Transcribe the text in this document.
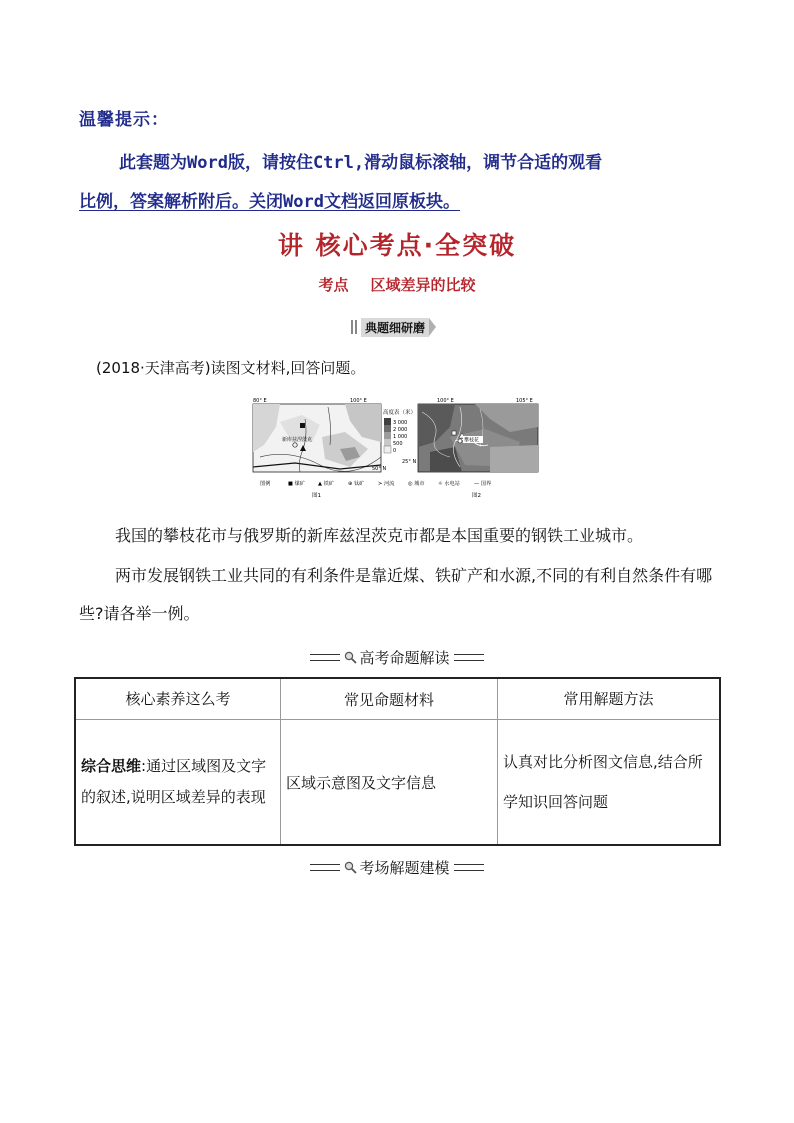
温馨提示：
此套题为Word版，请按住Ctrl,滑动鼠标滚轴，调节合适的观看
比例，答案解析附后。关闭Word文档返回原板块。
讲 核心考点·全突破
考点 区域差异的比较
典题细研磨
(2018·天津高考)读图文材料,回答问题。
80° E	100° E
新库兹涅茨克
50° N
高度表（米）
3 000
2 000
1 000
500
0
100° E	105° E
25° N
攀枝花
图1	图2
图例	■ 煤矿	▲ 铁矿	⊕ 钛矿	≻ 河流	◎ 城市	☼ 水电站	— 国界
我国的攀枝花市与俄罗斯的新库兹涅茨克市都是本国重要的钢铁工业城市。
两市发展钢铁工业共同的有利条件是靠近煤、铁矿产和水源,不同的有利自然条件有哪些?请各举一例。
高考命题解读
核心素养这么考	常见命题材料	常用解题方法
综合思维:通过区域图及文字的叙述,说明区域差异的表现	区域示意图及文字信息	认真对比分析图文信息,结合所学知识回答问题
考场解题建模
